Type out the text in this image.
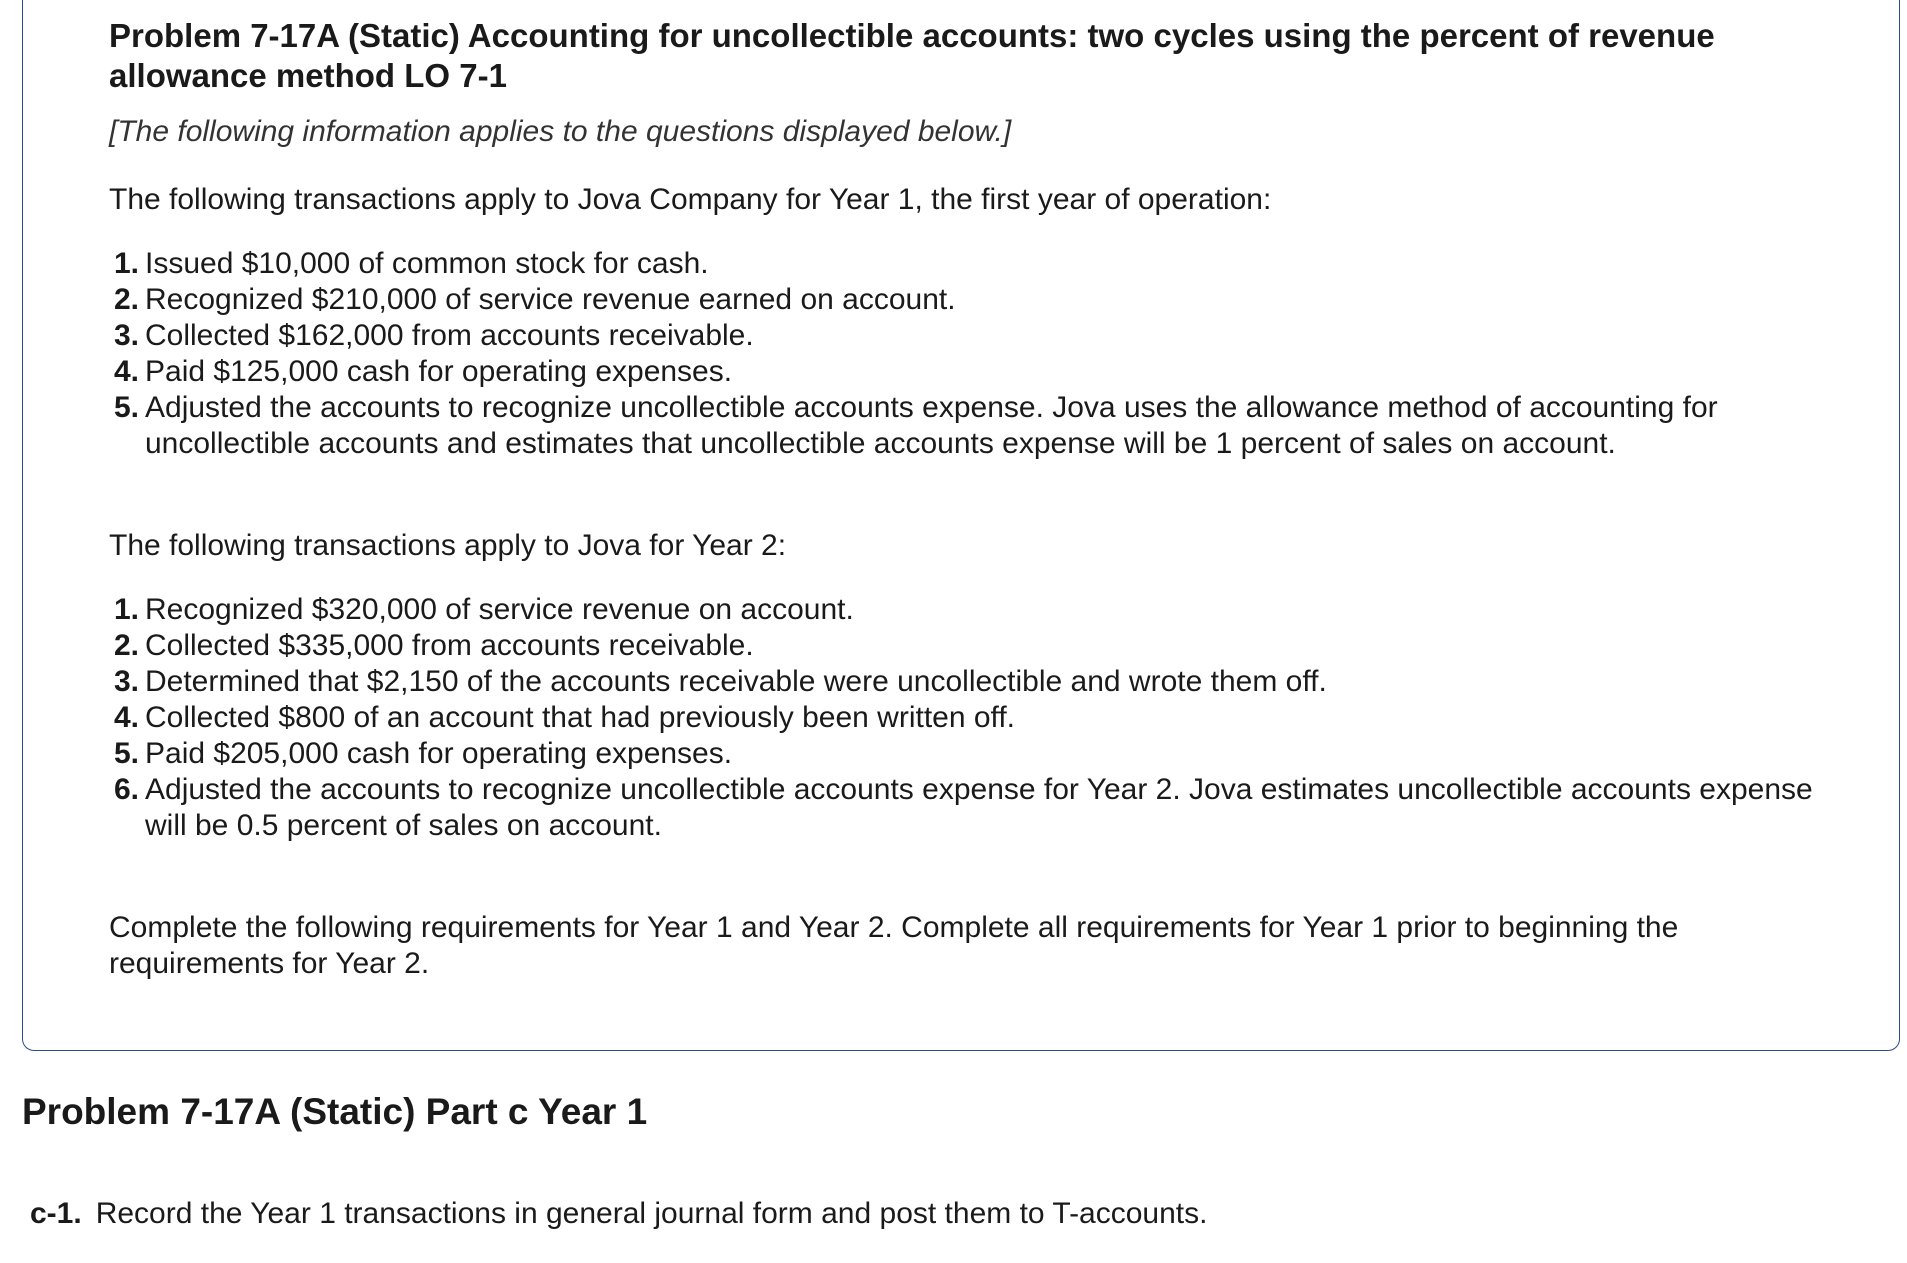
Problem 7-17A (Static) Accounting for uncollectible accounts: two cycles using the percent of revenue allowance method LO 7-1
[The following information applies to the questions displayed below.]
The following transactions apply to Jova Company for Year 1, the first year of operation:
1. Issued $10,000 of common stock for cash.
2. Recognized $210,000 of service revenue earned on account.
3. Collected $162,000 from accounts receivable.
4. Paid $125,000 cash for operating expenses.
5. Adjusted the accounts to recognize uncollectible accounts expense. Jova uses the allowance method of accounting for uncollectible accounts and estimates that uncollectible accounts expense will be 1 percent of sales on account.
The following transactions apply to Jova for Year 2:
1. Recognized $320,000 of service revenue on account.
2. Collected $335,000 from accounts receivable.
3. Determined that $2,150 of the accounts receivable were uncollectible and wrote them off.
4. Collected $800 of an account that had previously been written off.
5. Paid $205,000 cash for operating expenses.
6. Adjusted the accounts to recognize uncollectible accounts expense for Year 2. Jova estimates uncollectible accounts expense will be 0.5 percent of sales on account.
Complete the following requirements for Year 1 and Year 2. Complete all requirements for Year 1 prior to beginning the requirements for Year 2.
Problem 7-17A (Static) Part c Year 1
c-1. Record the Year 1 transactions in general journal form and post them to T-accounts.
